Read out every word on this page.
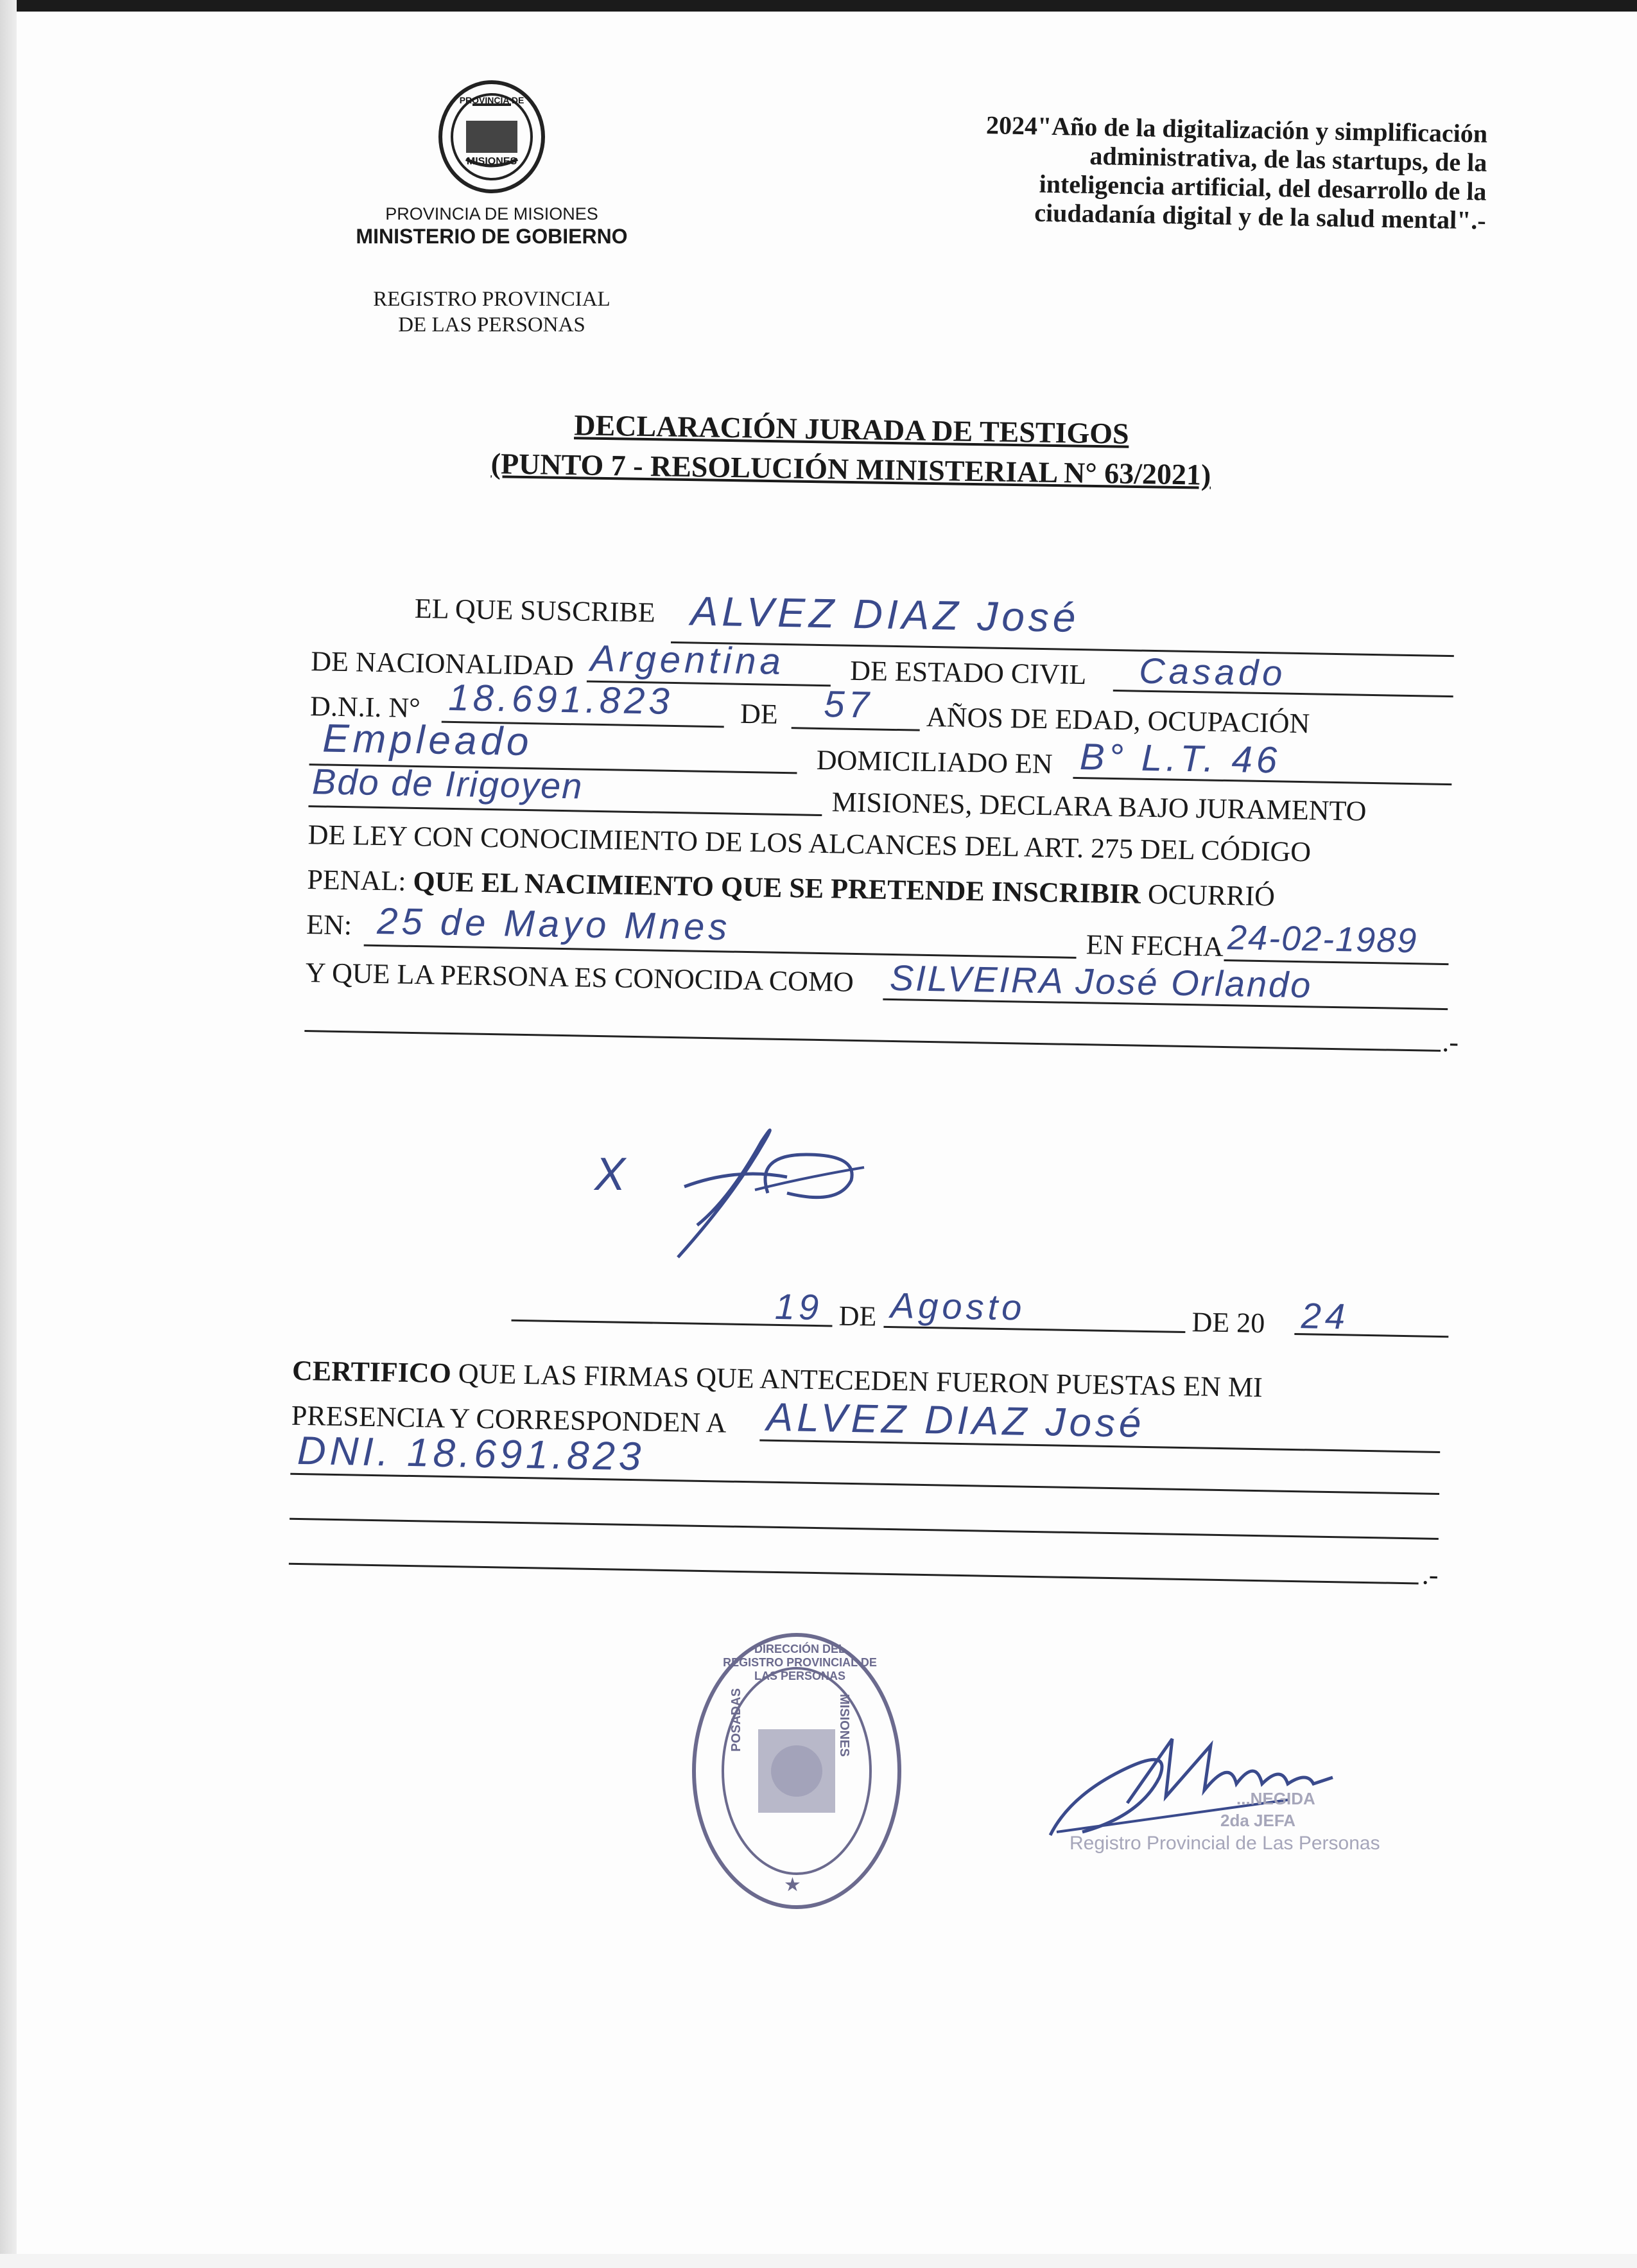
PROVINCIA DE
MISIONES
PROVINCIA DE MISIONES
MINISTERIO DE GOBIERNO
REGISTRO PROVINCIAL
DE LAS PERSONAS
2024"Año de la digitalización y simplificación
administrativa, de las startups, de la
inteligencia artificial, del desarrollo de la
ciudadanía digital y de la salud mental".-
DECLARACIÓN JURADA DE TESTIGOS
(PUNTO 7 - RESOLUCIÓN MINISTERIAL N° 63/2021)
EL QUE SUSCRIBE ALVEZ DIAZ José
DE NACIONALIDAD Argentina DE ESTADO CIVIL Casado
D.N.I. N° 18.691.823 DE 57 AÑOS DE EDAD, OCUPACIÓN
Empleado	DOMICILIADO EN B° L.T. 46
Bdo de Irigoyen
MISIONES, DECLARA BAJO JURAMENTO
DE LEY CON CONOCIMIENTO DE LOS ALCANCES DEL ART. 275 DEL CÓDIGO
PENAL: QUE EL NACIMIENTO QUE SE PRETENDE INSCRIBIR OCURRIÓ
EN: 25 de Mayo Mnes	EN FECHA 24-02-1989
Y QUE LA PERSONA ES CONOCIDA COMO SILVEIRA José Orlando
.-
19 DE Agosto	DE 20 24
CERTIFICO QUE LAS FIRMAS QUE ANTECEDEN FUERON PUESTAS EN MI
PRESENCIA Y CORRESPONDEN A ALVEZ DIAZ José
DNI. 18.691.823
.-
X
DIRECCIÓN DEL REGISTRO PROVINCIAL DE LAS PERSONAS
POSADAS	MISIONES
★
...NEGIDA
2da JEFA
Registro Provincial de Las Personas
